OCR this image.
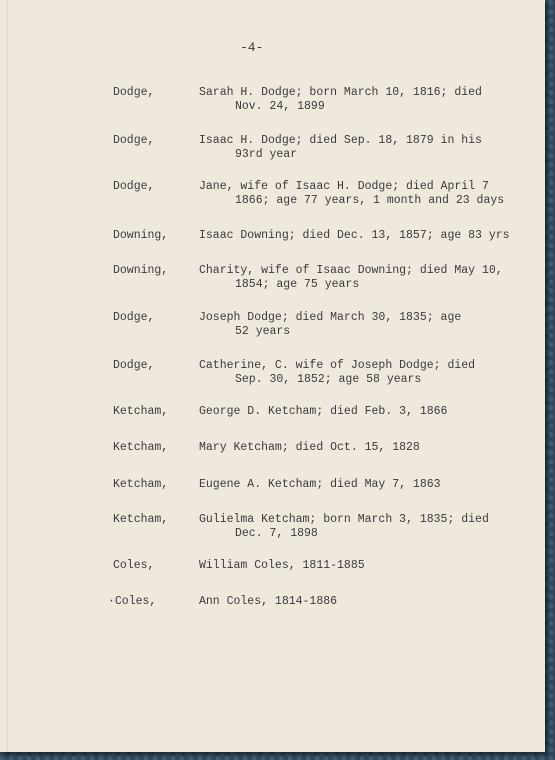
-4-
Dodge,	Sarah H. Dodge; born March 10, 1816; died
Nov. 24, 1899
Dodge,	Isaac H. Dodge; died Sep. 18, 1879 in his
93rd year
Dodge,	Jane, wife of Isaac H. Dodge; died April 7
1866; age 77 years, 1 month and 23 days
Downing,	Isaac Downing; died Dec. 13, 1857; age 83 yrs
Downing,	Charity, wife of Isaac Downing; died May 10,
1854; age 75 years
Dodge,	Joseph Dodge; died March 30, 1835; age
52 years
Dodge,	Catherine, C. wife of Joseph Dodge; died
Sep. 30, 1852; age 58 years
Ketcham,	George D. Ketcham; died Feb. 3, 1866
Ketcham,	Mary Ketcham; died Oct. 15, 1828
Ketcham,	Eugene A. Ketcham; died May 7, 1863
Ketcham,	Gulielma Ketcham; born March 3, 1835; died
Dec. 7, 1898
Coles,	William Coles, 1811-1885
·Coles,	Ann Coles, 1814-1886
